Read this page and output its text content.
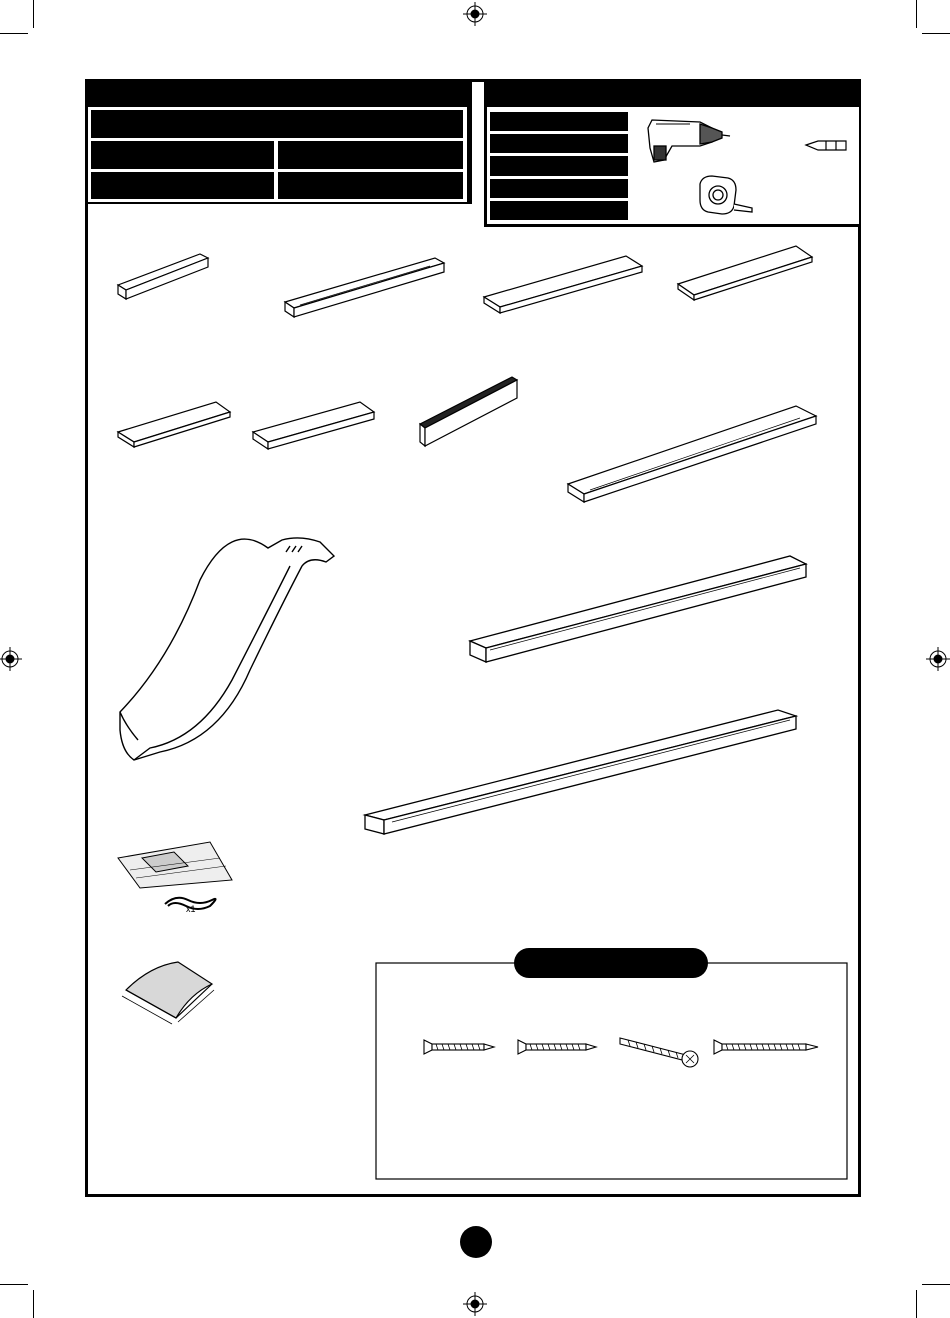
x1
